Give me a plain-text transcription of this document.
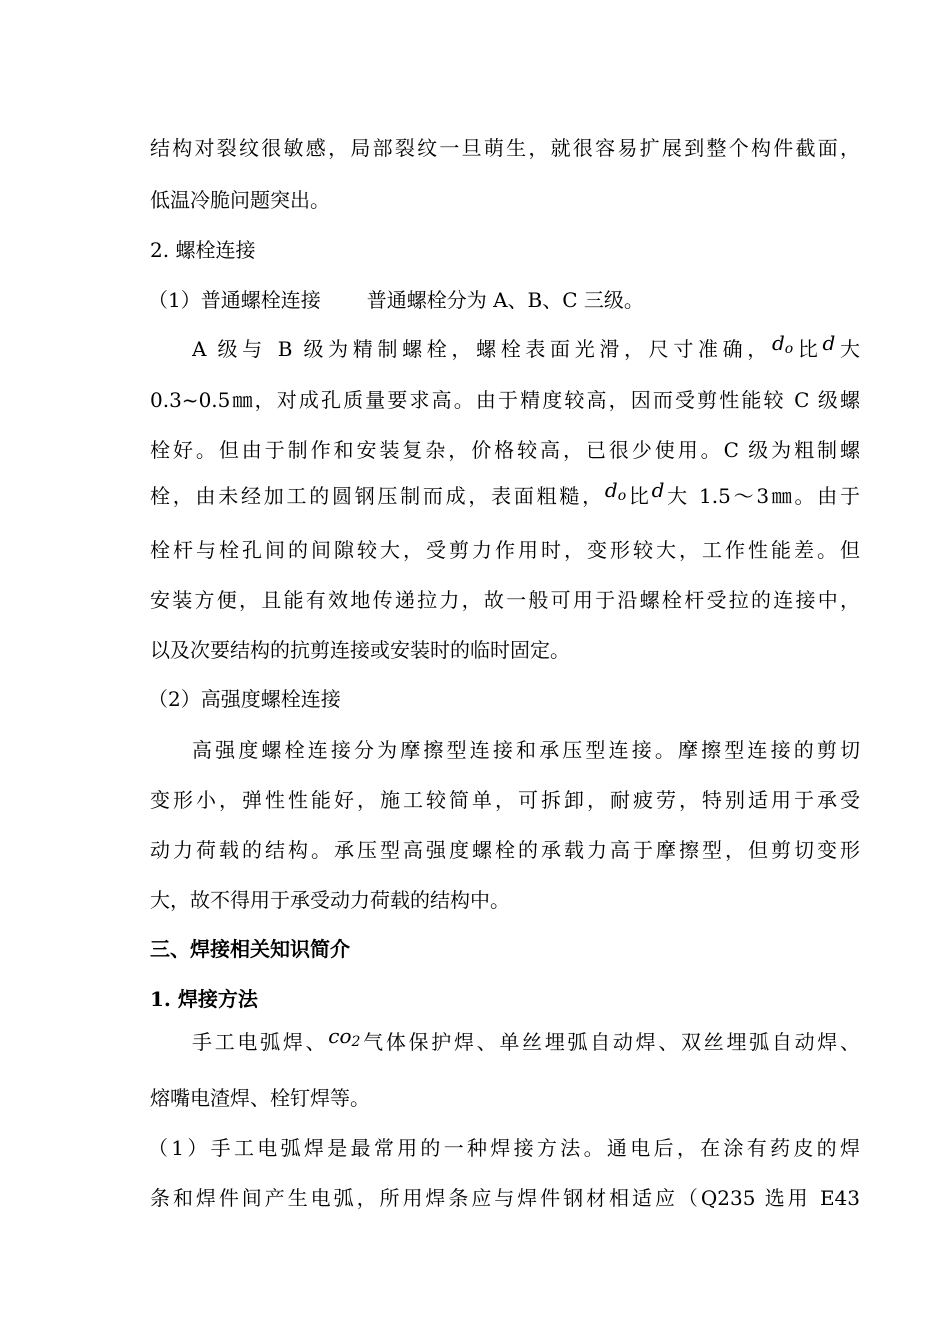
结构对裂纹很敏感，局部裂纹一旦萌生，就很容易扩展到整个构件截面，
低温冷脆问题突出。
2. 螺栓连接
（1）普通螺栓连接 普通螺栓分为 A、B、C 三级。
A 级与 B 级为精制螺栓，螺栓表面光滑，尺寸准确，do比d大
0.3~0.5㎜，对成孔质量要求高。由于精度较高，因而受剪性能较 C 级螺
栓好。但由于制作和安装复杂，价格较高，已很少使用。C 级为粗制螺
栓，由未经加工的圆钢压制而成，表面粗糙，do比d大 1.5～3㎜。由于
栓杆与栓孔间的间隙较大，受剪力作用时，变形较大，工作性能差。但
安装方便，且能有效地传递拉力，故一般可用于沿螺栓杆受拉的连接中，
以及次要结构的抗剪连接或安装时的临时固定。
（2）高强度螺栓连接
高强度螺栓连接分为摩擦型连接和承压型连接。摩擦型连接的剪切
变形小，弹性性能好，施工较简单，可拆卸，耐疲劳，特别适用于承受
动力荷载的结构。承压型高强度螺栓的承载力高于摩擦型，但剪切变形
大，故不得用于承受动力荷载的结构中。
三、焊接相关知识简介
1. 焊接方法
手工电弧焊、co2气体保护焊、单丝埋弧自动焊、双丝埋弧自动焊、
熔嘴电渣焊、栓钉焊等。
（1）手工电弧焊是最常用的一种焊接方法。通电后，在涂有药皮的焊
条和焊件间产生电弧，所用焊条应与焊件钢材相适应（Q235 选用 E43
